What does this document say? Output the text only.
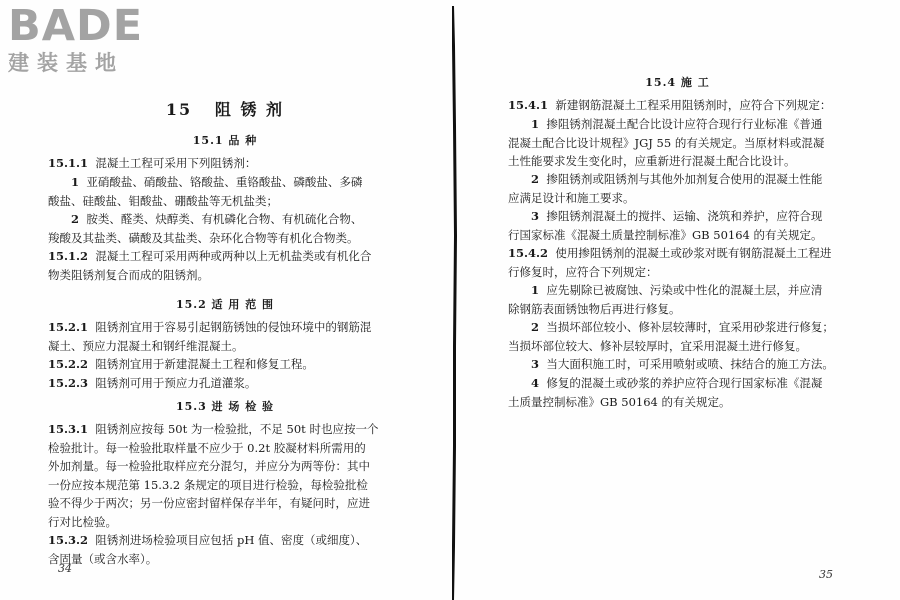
BADE
建装基地
15 阻 锈 剂
15.1 品 种

15.1.1 混凝土工程可采用下列阻锈剂：

1 亚硝酸盐、硝酸盐、铬酸盐、重铬酸盐、磷酸盐、多磷
酸盐、硅酸盐、钼酸盐、硼酸盐等无机盐类；

2 胺类、醛类、炔醇类、有机磷化合物、有机硫化合物、
羧酸及其盐类、磺酸及其盐类、杂环化合物等有机化合物类。

15.1.2 混凝土工程可采用两种或两种以上无机盐类或有机化合
物类阻锈剂复合而成的阻锈剂。

15.2 适 用 范 围

15.2.1 阻锈剂宜用于容易引起钢筋锈蚀的侵蚀环境中的钢筋混
凝土、预应力混凝土和钢纤维混凝土。

15.2.2 阻锈剂宜用于新建混凝土工程和修复工程。

15.2.3 阻锈剂可用于预应力孔道灌浆。

15.3 进 场 检 验

15.3.1 阻锈剂应按每 50t 为一检验批，不足 50t 时也应按一个
检验批计。每一检验批取样量不应少于 0.2t 胶凝材料所需用的
外加剂量。每一检验批取样应充分混匀，并应分为两等份：其中
一份应按本规范第 15.3.2 条规定的项目进行检验，每检验批检
验不得少于两次；另一份应密封留样保存半年，有疑问时，应进
行对比检验。

15.3.2 阻锈剂进场检验项目应包括 pH 值、密度（或细度）、
含固量（或含水率）。

34
15.4 施 工

15.4.1 新建钢筋混凝土工程采用阻锈剂时，应符合下列规定：

1 掺阻锈剂混凝土配合比设计应符合现行行业标准《普通
混凝土配合比设计规程》JGJ 55 的有关规定。当原材料或混凝
土性能要求发生变化时，应重新进行混凝土配合比设计。

2 掺阻锈剂或阻锈剂与其他外加剂复合使用的混凝土性能
应满足设计和施工要求。

3 掺阻锈剂混凝土的搅拌、运输、浇筑和养护，应符合现
行国家标准《混凝土质量控制标准》GB 50164 的有关规定。

15.4.2 使用掺阻锈剂的混凝土或砂浆对既有钢筋混凝土工程进
行修复时，应符合下列规定：

1 应先剔除已被腐蚀、污染或中性化的混凝土层，并应清
除钢筋表面锈蚀物后再进行修复。

2 当损坏部位较小、修补层较薄时，宜采用砂浆进行修复；
当损坏部位较大、修补层较厚时，宜采用混凝土进行修复。

3 当大面积施工时，可采用喷射或喷、抹结合的施工方法。

4 修复的混凝土或砂浆的养护应符合现行国家标准《混凝
土质量控制标准》GB 50164 的有关规定。

35
